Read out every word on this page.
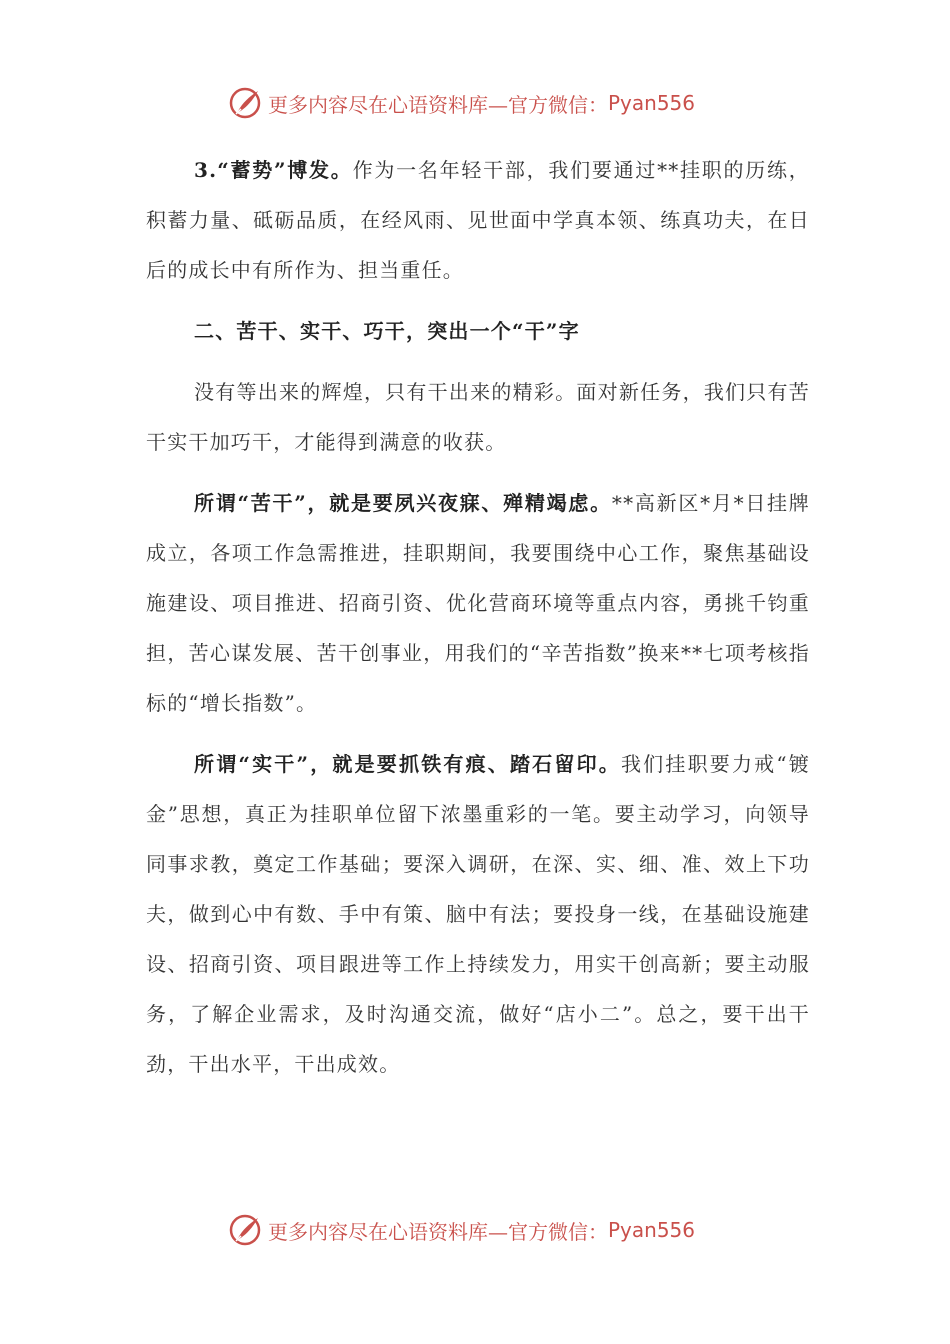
更多内容尽在心语资料库—官方微信： Pyan556

3.“蓄势”博发。作为一名年轻干部，我们要通过**挂职的历练，积蓄力量、砥砺品质，在经风雨、见世面中学真本领、练真功夫，在日后的成长中有所作为、担当重任。

二、苦干、实干、巧干，突出一个“干”字

没有等出来的辉煌，只有干出来的精彩。面对新任务，我们只有苦干实干加巧干，才能得到满意的收获。

所谓“苦干”，就是要夙兴夜寐、殚精竭虑。**高新区*月*日挂牌成立，各项工作急需推进，挂职期间，我要围绕中心工作，聚焦基础设施建设、项目推进、招商引资、优化营商环境等重点内容，勇挑千钧重担，苦心谋发展、苦干创事业，用我们的“辛苦指数”换来**七项考核指标的“增长指数”。

所谓“实干”，就是要抓铁有痕、踏石留印。我们挂职要力戒“镀金”思想，真正为挂职单位留下浓墨重彩的一笔。要主动学习，向领导同事求教，奠定工作基础；要深入调研，在深、实、细、准、效上下功夫，做到心中有数、手中有策、脑中有法；要投身一线，在基础设施建设、招商引资、项目跟进等工作上持续发力，用实干创高新；要主动服务，了解企业需求，及时沟通交流，做好“店小二”。总之，要干出干劲，干出水平，干出成效。

更多内容尽在心语资料库—官方微信： Pyan556
